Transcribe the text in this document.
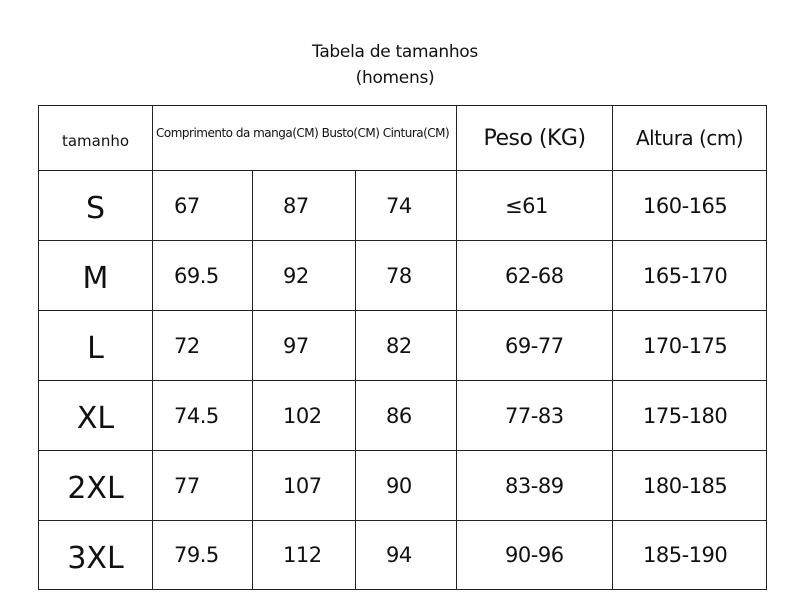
Tabela de tamanhos
(homens)
tamanho	Comprimento da manga(CM) Busto(CM) Cintura(CM)			Peso (KG)	Altura (cm)
S	67	87	74	≤61	160-165
M	69.5	92	78	62-68	165-170
L	72	97	82	69-77	170-175
XL	74.5	102	86	77-83	175-180
2XL	77	107	90	83-89	180-185
3XL	79.5	112	94	90-96	185-190
